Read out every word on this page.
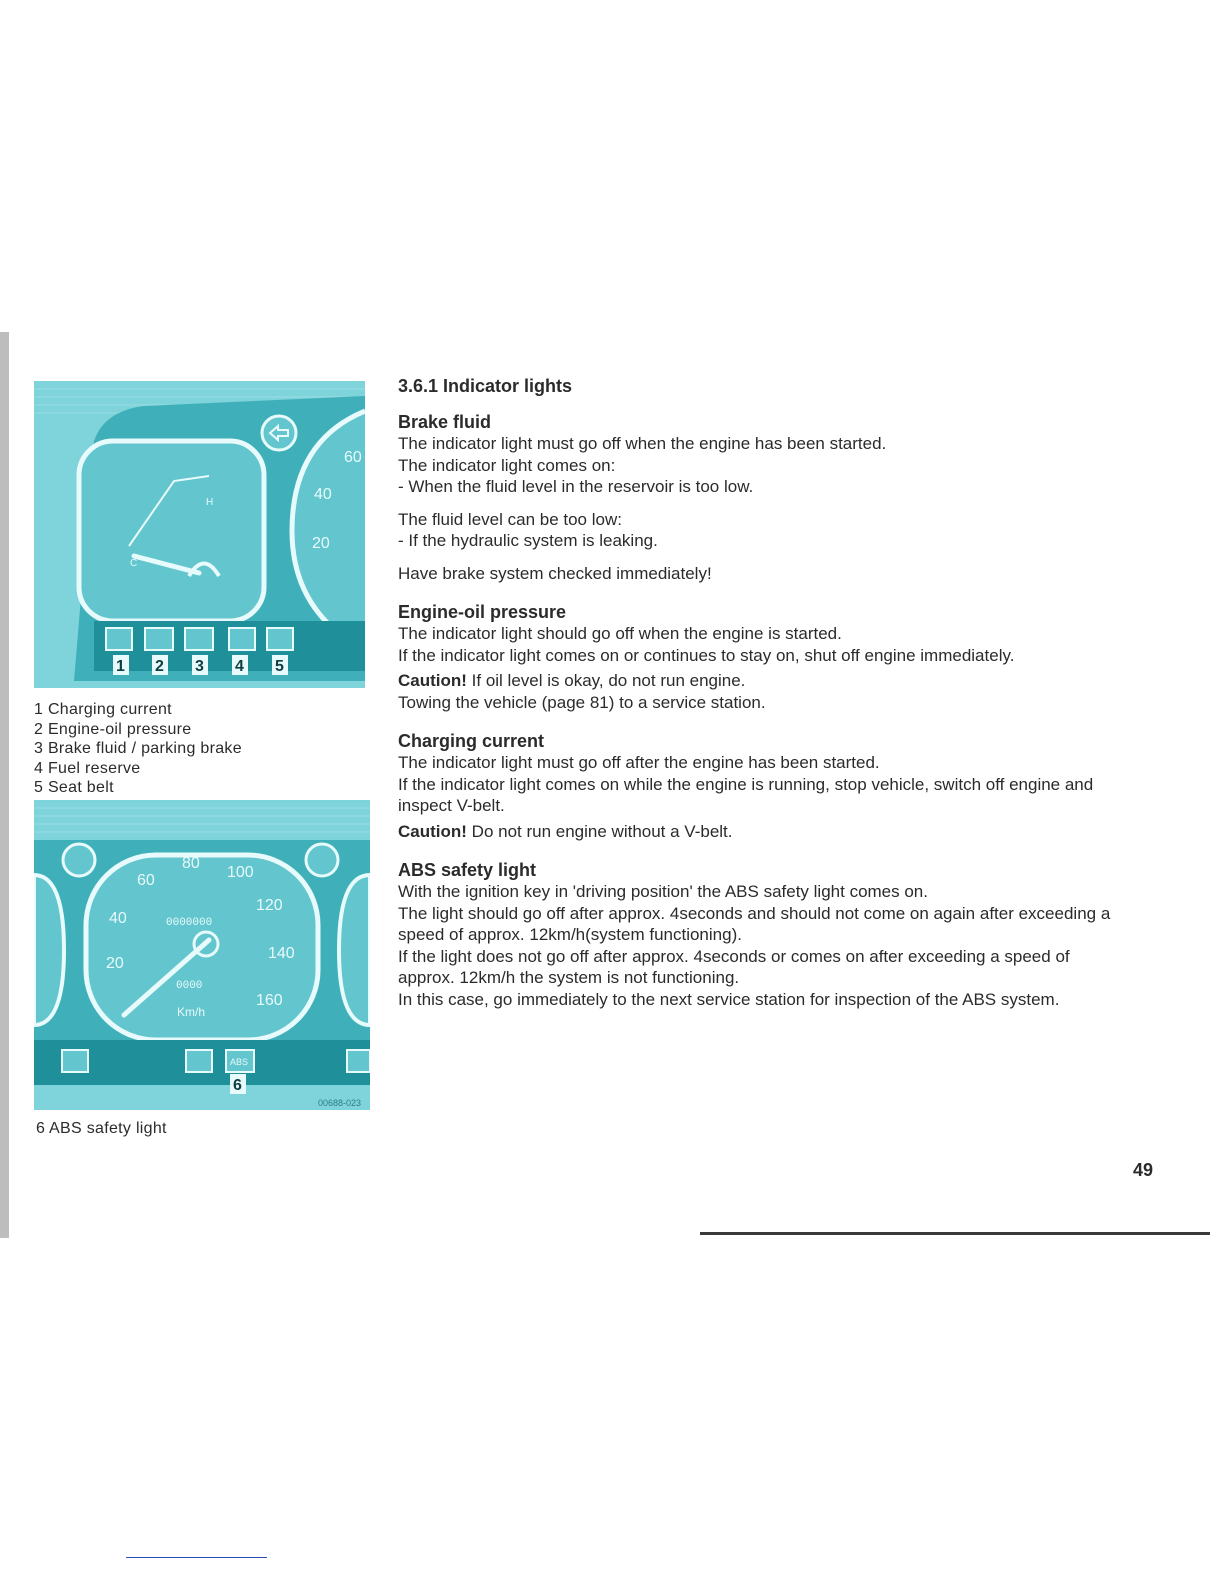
H
C
60
40
20
1 2 3 4 5
1 Charging current
2 Engine-oil pressure
3 Brake fluid / parking brake
4 Fuel reserve
5 Seat belt
20
40
60
80
100
120
140
160
0000000
0000
Km/h
ABS
6
00688-023
6 ABS safety light
3.6.1 Indicator lights
Brake fluid

The indicator light must go off when the engine has been started.

The indicator light comes on:

- When the fluid level in the reservoir is too low.

The fluid level can be too low:

- If the hydraulic system is leaking.

Have brake system checked immediately!

Engine-oil pressure

The indicator light should go off when the engine is started.

If the indicator light comes on or continues to stay on, shut off engine immediately.

Caution! If oil level is okay, do not run engine.

Towing the vehicle (page 81) to a service station.

Charging current

The indicator light must go off after the engine has been started.

If the indicator light comes on while the engine is running, stop vehicle, switch off engine and inspect V-belt.

Caution! Do not run engine without a V-belt.

ABS safety light

With the ignition key in 'driving position' the ABS safety light comes on.

The light should go off after approx. 4seconds and should not come on again after exceeding a speed of approx. 12km/h(system functioning).

If the light does not go off after approx. 4seconds or comes on after exceeding a speed of approx. 12km/h the system is not functioning.

In this case, go immediately to the next service station for inspection of the ABS system.

49
